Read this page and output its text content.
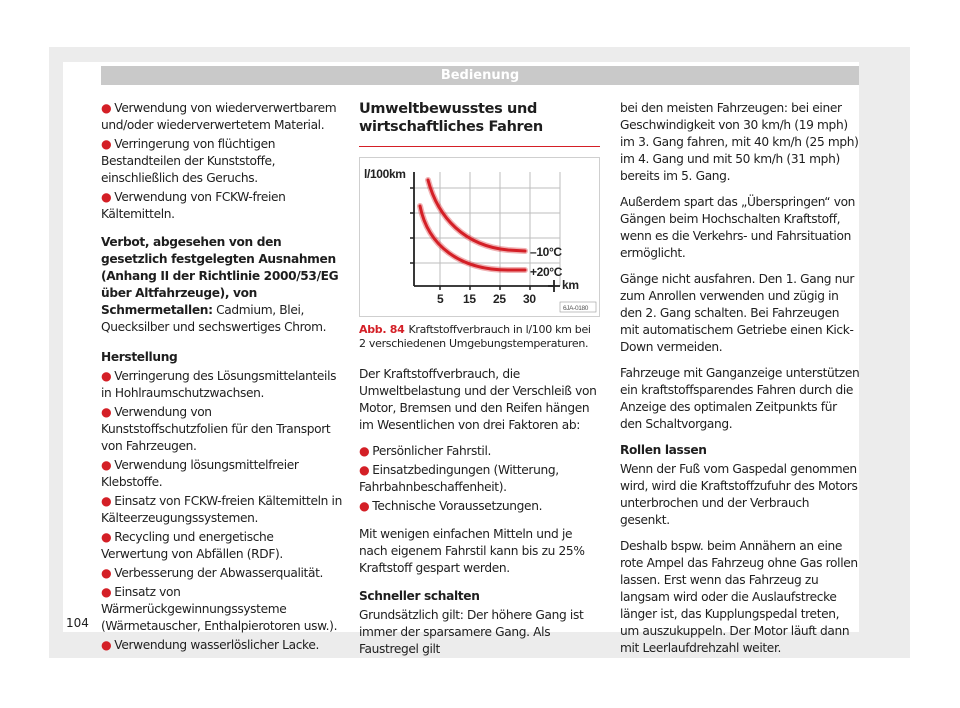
Bedienung
● Verwendung von wiederverwertbarem und/oder wiederverwertetem Material.
● Verringerung von flüchtigen Bestandteilen der Kunststoffe, einschließlich des Geruchs.
● Verwendung von FCKW-freien Kältemitteln.
Verbot, abgesehen von den gesetzlich festgelegten Ausnahmen (Anhang II der Richtlinie 2000/53/EG über Altfahrzeuge), von Schmermetallen: Cadmium, Blei, Quecksilber und sechswertiges Chrom.
Herstellung
● Verringerung des Lösungsmittelanteils in Hohlraumschutzwachsen.
● Verwendung von Kunststoffschutzfolien für den Transport von Fahrzeugen.
● Verwendung lösungsmittelfreier Klebstoffe.
● Einsatz von FCKW-freien Kältemitteln in Kälteerzeugungssystemen.
● Recycling und energetische Verwertung von Abfällen (RDF).
● Verbesserung der Abwasserqualität.
● Einsatz von Wärmerückgewinnungssysteme (Wärmetauscher, Enthalpierotoren usw.).
● Verwendung wasserlöslicher Lacke.
Umweltbewusstes und wirtschaftliches Fahren
l/100km
–10°C
+20°C
km
5 15 25 30
6JA-0180
Abb. 84 Kraftstoffverbrauch in l/100 km bei 2 verschiedenen Umgebungstemperaturen.
Der Kraftstoffverbrauch, die Umweltbelastung und der Verschleiß von Motor, Bremsen und den Reifen hängen im Wesentlichen von drei Faktoren ab:
● Persönlicher Fahrstil.
● Einsatzbedingungen (Witterung, Fahrbahnbeschaffenheit).
● Technische Voraussetzungen.
Mit wenigen einfachen Mitteln und je nach eigenem Fahrstil kann bis zu 25% Kraftstoff gespart werden.
Schneller schalten
Grundsätzlich gilt: Der höhere Gang ist immer der sparsamere Gang. Als Faustregel gilt
bei den meisten Fahrzeugen: bei einer Geschwindigkeit von 30 km/h (19 mph) im 3. Gang fahren, mit 40 km/h (25 mph) im 4. Gang und mit 50 km/h (31 mph) bereits im 5. Gang.
Außerdem spart das „Überspringen“ von Gängen beim Hochschalten Kraftstoff, wenn es die Verkehrs- und Fahrsituation ermöglicht.
Gänge nicht ausfahren. Den 1. Gang nur zum Anrollen verwenden und zügig in den 2. Gang schalten. Bei Fahrzeugen mit automatischem Getriebe einen Kick-Down vermeiden.
Fahrzeuge mit Ganganzeige unterstützen ein kraftstoffsparendes Fahren durch die Anzeige des optimalen Zeitpunkts für den Schaltvorgang.
Rollen lassen
Wenn der Fuß vom Gaspedal genommen wird, wird die Kraftstoffzufuhr des Motors unterbrochen und der Verbrauch gesenkt.
Deshalb bspw. beim Annähern an eine rote Ampel das Fahrzeug ohne Gas rollen lassen. Erst wenn das Fahrzeug zu langsam wird oder die Auslaufstrecke länger ist, das Kupplungspedal treten, um auszukuppeln. Der Motor läuft dann mit Leerlaufdrehzahl weiter.
104
